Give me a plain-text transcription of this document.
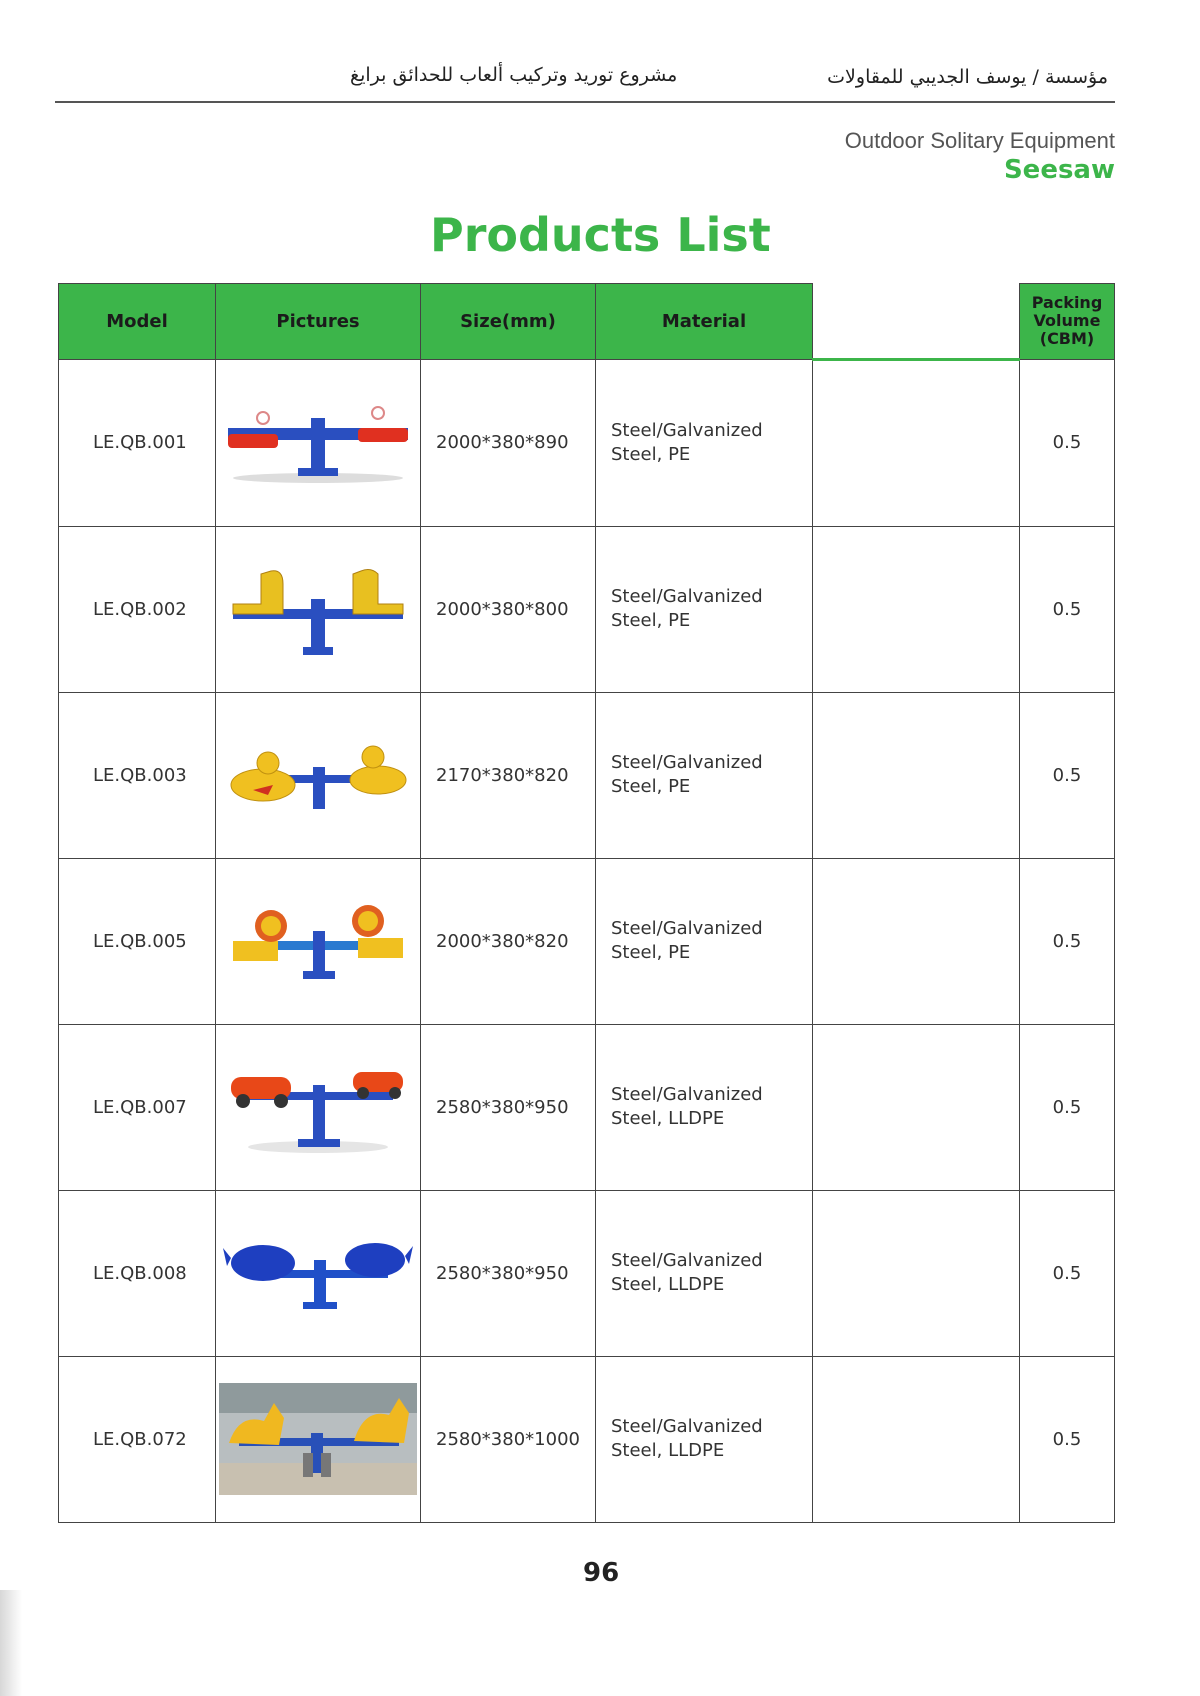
مشروع توريد وتركيب ألعاب للحدائق برايغ	مؤسسة / يوسف الجديبي للمقاولات
Outdoor Solitary Equipment
Seesaw
Products List
Model	Pictures	Size(mm)	Material		Packing
Volume
(CBM)
LE.QB.001		2000*380*890	Steel/Galvanized
Steel, PE		0.5
LE.QB.002		2000*380*800	Steel/Galvanized
Steel, PE		0.5
LE.QB.003		2170*380*820	Steel/Galvanized
Steel, PE		0.5
LE.QB.005		2000*380*820	Steel/Galvanized
Steel, PE		0.5
LE.QB.007		2580*380*950	Steel/Galvanized
Steel, LLDPE		0.5
LE.QB.008		2580*380*950	Steel/Galvanized
Steel, LLDPE		0.5
LE.QB.072		2580*380*1000	Steel/Galvanized
Steel, LLDPE		0.5
96
